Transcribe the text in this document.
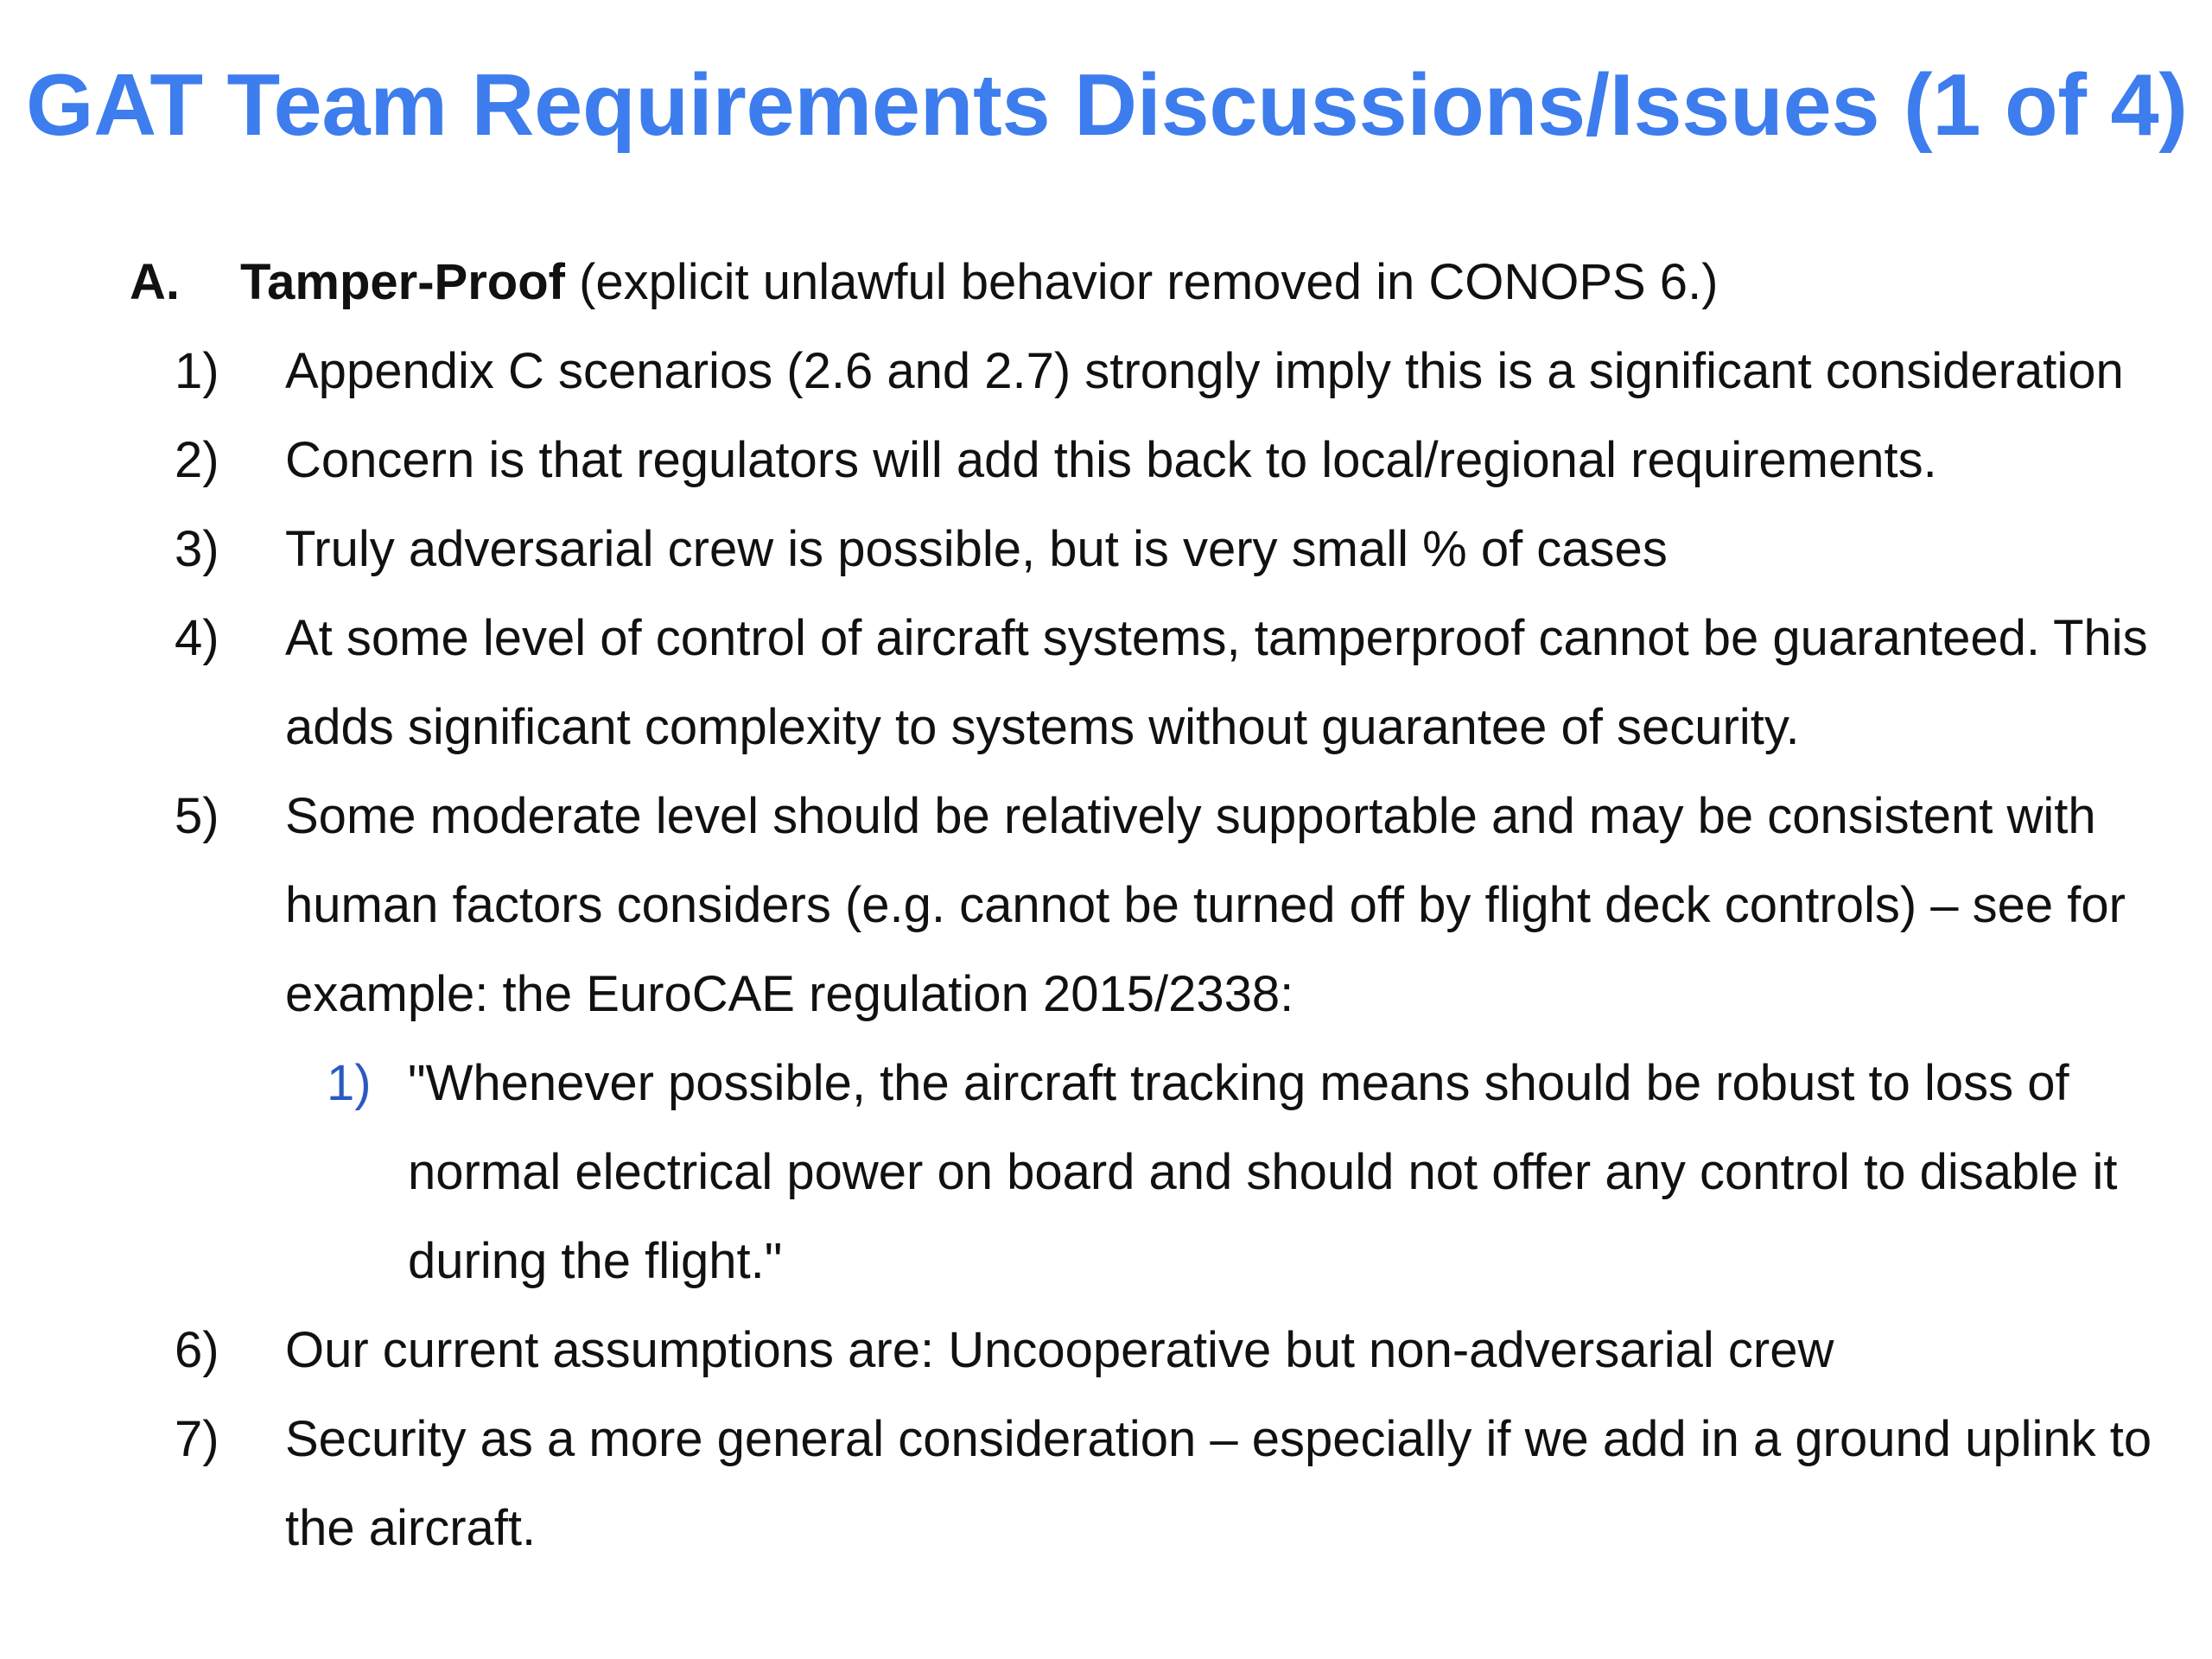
GAT Team Requirements Discussions/Issues (1 of 4)
A. Tamper-Proof (explicit unlawful behavior removed in CONOPS 6.)
1) Appendix C scenarios (2.6 and 2.7) strongly imply this is a significant consideration
2) Concern is that regulators will add this back to local/regional requirements.
3) Truly adversarial crew is possible, but is very small % of cases
4) At some level of control of aircraft systems, tamperproof cannot be guaranteed. This
adds significant complexity to systems without guarantee of security.
5) Some moderate level should be relatively supportable and may be consistent with
human factors considers (e.g. cannot be turned off by flight deck controls) – see for
example: the EuroCAE regulation 2015/2338:
1) "Whenever possible, the aircraft tracking means should be robust to loss of
normal electrical power on board and should not offer any control to disable it
during the flight."
6) Our current assumptions are: Uncooperative but non-adversarial crew
7) Security as a more general consideration – especially if we add in a ground uplink to
the aircraft.
